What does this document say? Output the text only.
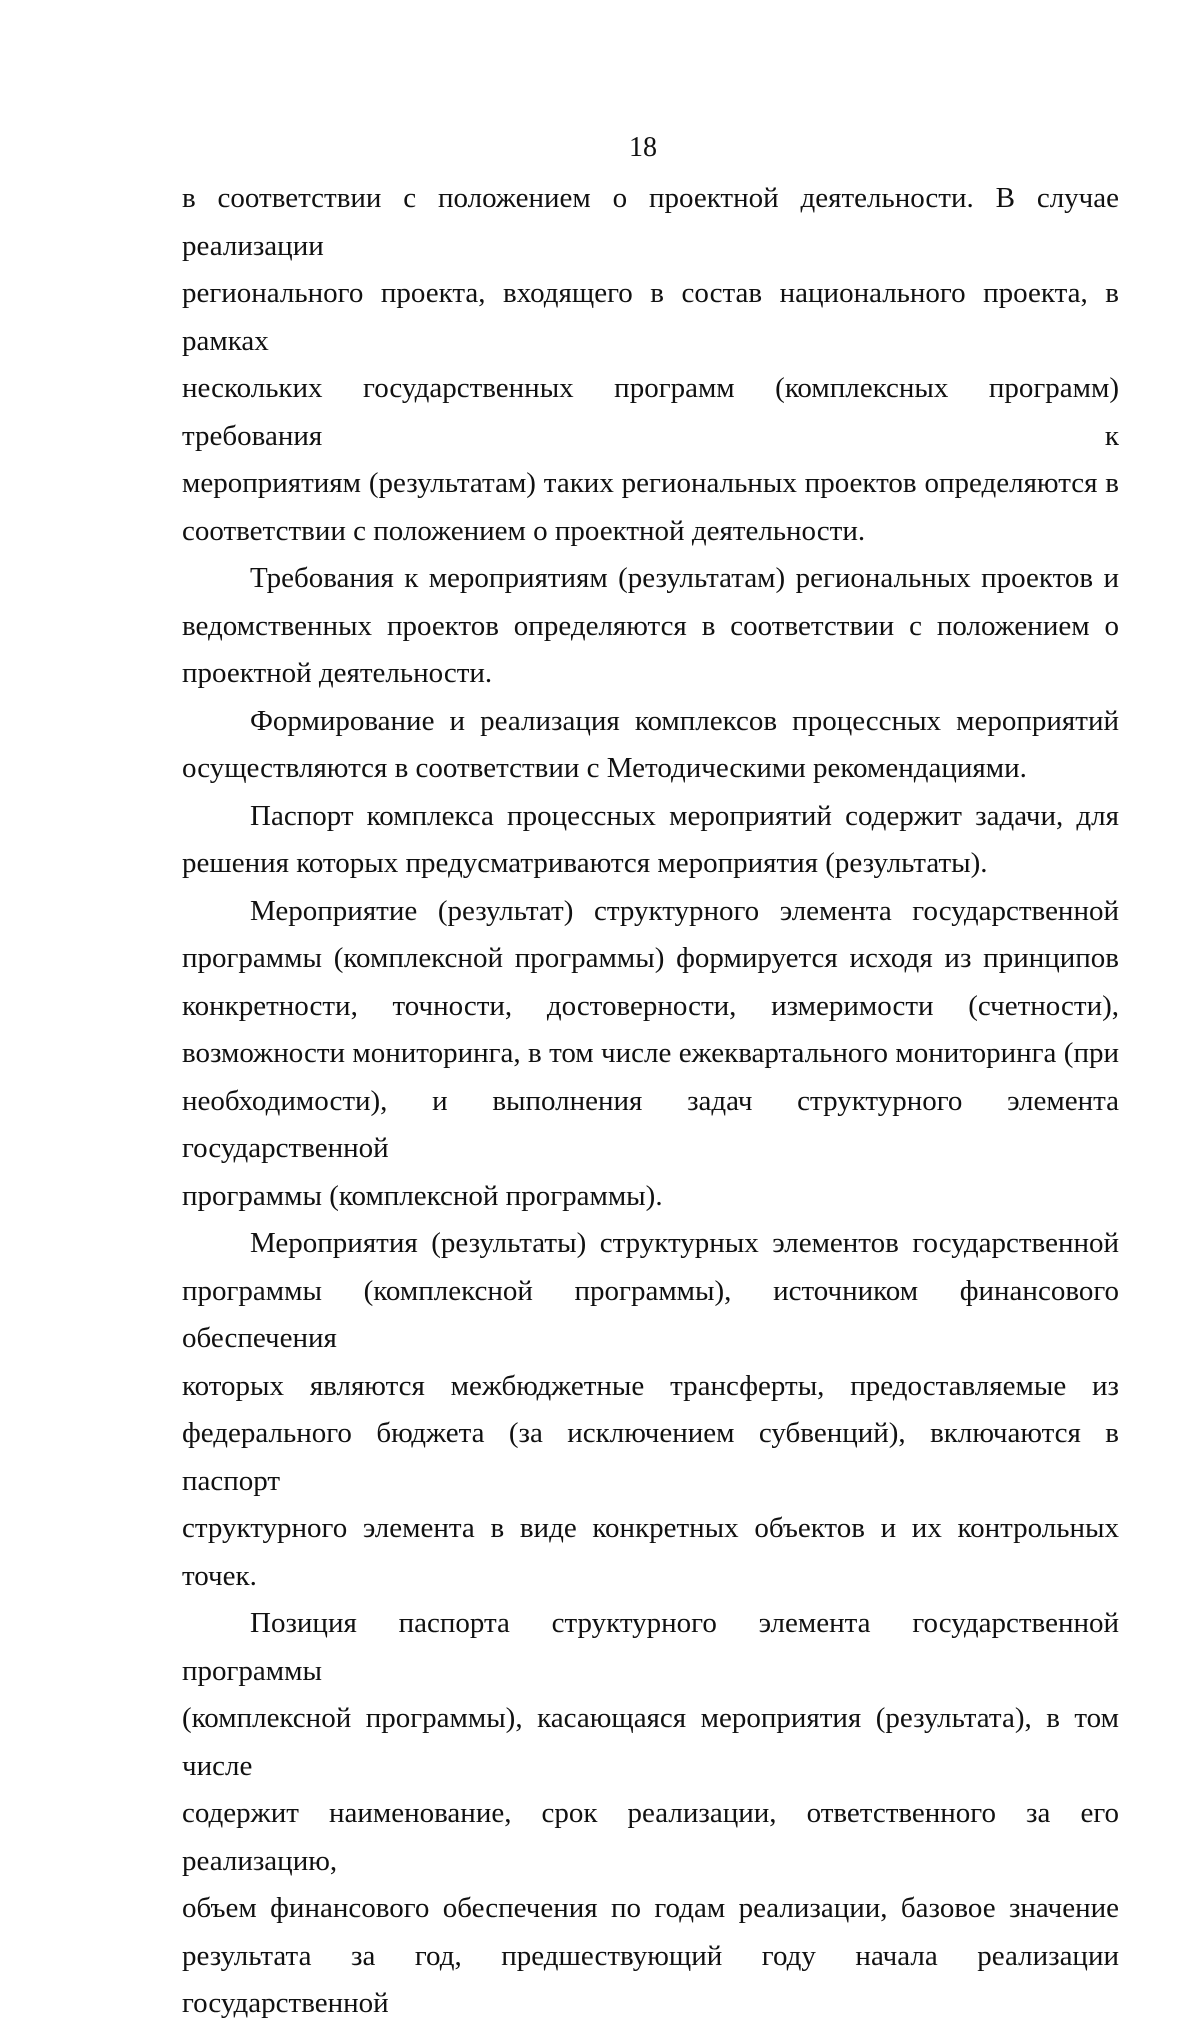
18

в соответствии с положением о проектной деятельности. В случае реализации

регионального проекта, входящего в состав национального проекта, в рамках

нескольких государственных программ (комплексных программ) требования к

мероприятиям (результатам) таких региональных проектов определяются в

соответствии с положением о проектной деятельности.

Требования к мероприятиям (результатам) региональных проектов и

ведомственных проектов определяются в соответствии с положением о

проектной деятельности.

Формирование и реализация комплексов процессных мероприятий

осуществляются в соответствии с Методическими рекомендациями.

Паспорт комплекса процессных мероприятий содержит задачи, для

решения которых предусматриваются мероприятия (результаты).

Мероприятие (результат) структурного элемента государственной

программы (комплексной программы) формируется исходя из принципов

конкретности, точности, достоверности, измеримости (счетности),

возможности мониторинга, в том числе ежеквартального мониторинга (при

необходимости), и выполнения задач структурного элемента государственной

программы (комплексной программы).

Мероприятия (результаты) структурных элементов государственной

программы (комплексной программы), источником финансового обеспечения

которых являются межбюджетные трансферты, предоставляемые из

федерального бюджета (за исключением субвенций), включаются в паспорт

структурного элемента в виде конкретных объектов и их контрольных точек.

Позиция паспорта структурного элемента государственной программы

(комплексной программы), касающаяся мероприятия (результата), в том числе

содержит наименование, срок реализации, ответственного за его реализацию,

объем финансового обеспечения по годам реализации, базовое значение

результата за год, предшествующий году начала реализации государственной
